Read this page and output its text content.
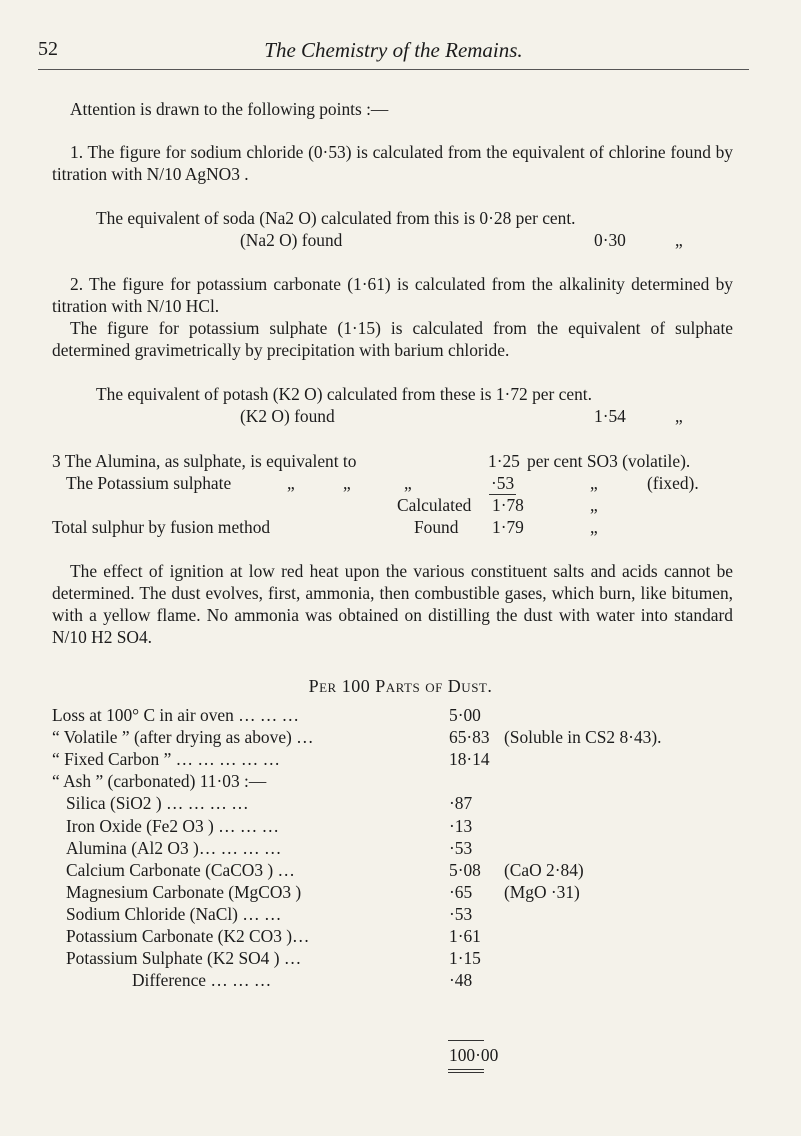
52	The Chemistry of the Remains.

Attention is drawn to the following points :—

1. The figure for sodium chloride (0·53) is calculated from the equivalent of chlorine found by titration with N/10 AgNO3 .

The equivalent of soda (Na2 O) calculated from this is 0·28 per cent.

(Na2 O) found	0·30	„

2. The figure for potassium carbonate (1·61) is calculated from the alkalinity determined by titration with N/10 HCl.

The figure for potassium sulphate (1·15) is calculated from the equivalent of sulphate determined gravimetrically by precipitation with barium chloride.

The equivalent of potash (K2 O) calculated from these is 1·72 per cent.

(K2 O) found	1·54	„
3 The Alumina, as sulphate, is equivalent to	1·25 per cent SO3 (volatile).
The Potassium sulphate	„	„	„	·53	„	(fixed).
Calculated 1·78	„
Total sulphur by fusion method	Found 1·79	„

The effect of ignition at low red heat upon the various constituent salts and acids cannot be determined. The dust evolves, first, ammonia, then combustible gases, which burn, like bitumen, with a yellow flame. No ammonia was obtained on distilling the dust with water into standard N/10 H2 SO4.

Per 100 Parts of Dust.
Loss at 100° C in air oven … … …	5·00
“ Volatile ” (after drying as above) …	65·83 (Soluble in CS2 8·43).
“ Fixed Carbon ” … … … … …	18·14
“ Ash ” (carbonated) 11·03 :—
Silica (SiO2 ) … … … …	·87
Iron Oxide (Fe2 O3 ) … … …	·13
Alumina (Al2 O3 )… … … …	·53
Calcium Carbonate (CaCO3 ) …	5·08 (CaO 2·84)
Magnesium Carbonate (MgCO3 )	·65 (MgO ·31)
Sodium Chloride (NaCl) … …	·53
Potassium Carbonate (K2 CO3 )…	1·61
Potassium Sulphate (K2 SO4 ) …	1·15
Difference … … …	·48
100·00
